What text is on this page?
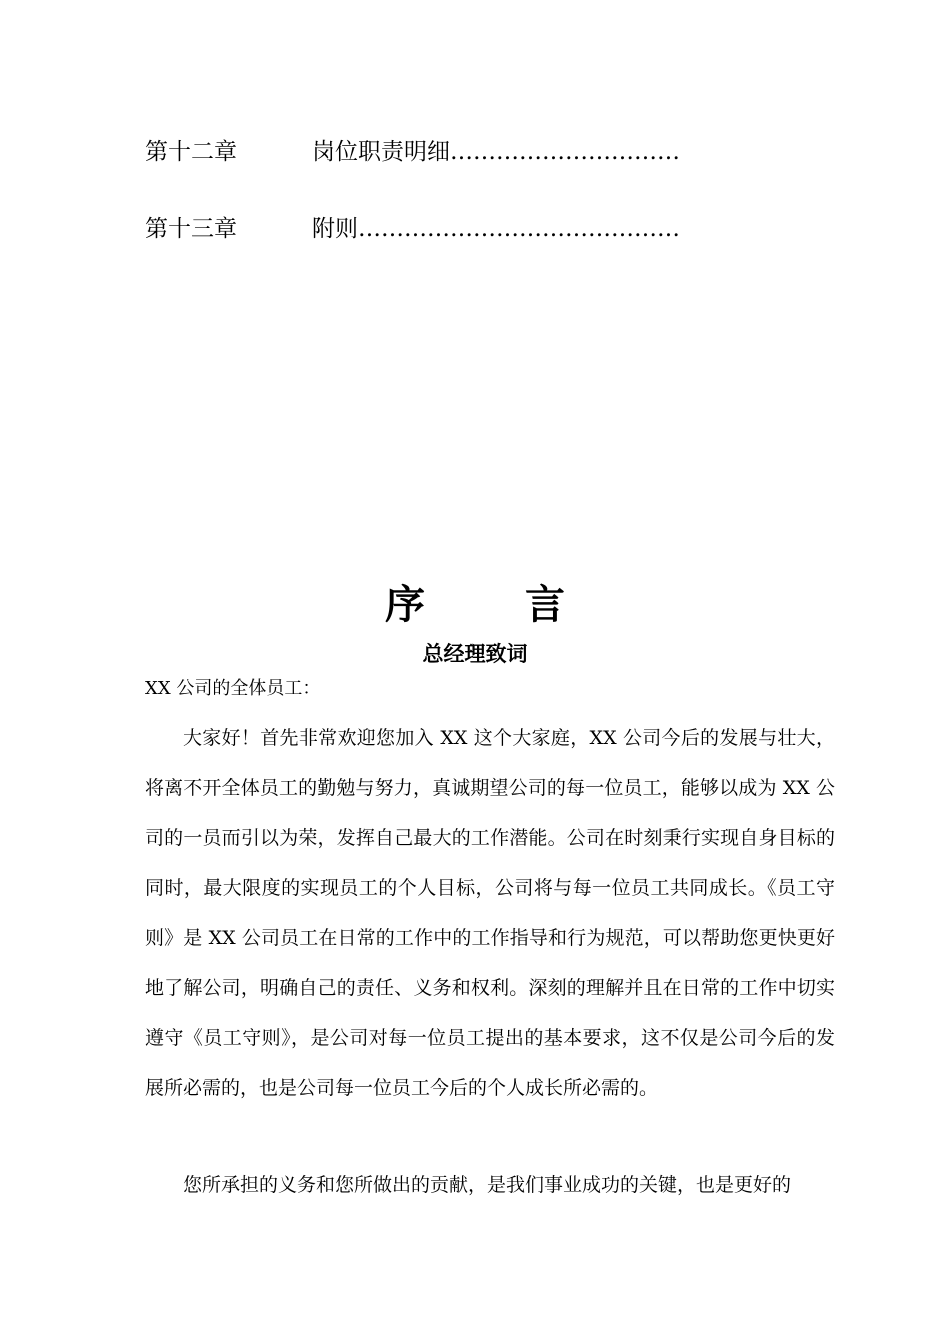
第十二章	岗位职责明细…………………………
第十三章	附则……………………………………
序	言
总经理致词
XX 公司的全体员工：

大家好！首先非常欢迎您加入 XX 这个大家庭，XX 公司今后的发展与壮大，将离不开全体员工的勤勉与努力，真诚期望公司的每一位员工，能够以成为 XX 公司的一员而引以为荣，发挥自己最大的工作潜能。公司在时刻秉行实现自身目标的同时，最大限度的实现员工的个人目标，公司将与每一位员工共同成长。《员工守则》是 XX 公司员工在日常的工作中的工作指导和行为规范，可以帮助您更快更好地了解公司，明确自己的责任、义务和权利。深刻的理解并且在日常的工作中切实遵守《员工守则》，是公司对每一位员工提出的基本要求，这不仅是公司今后的发展所必需的，也是公司每一位员工今后的个人成长所必需的。

您所承担的义务和您所做出的贡献，是我们事业成功的关键，也是更好的
